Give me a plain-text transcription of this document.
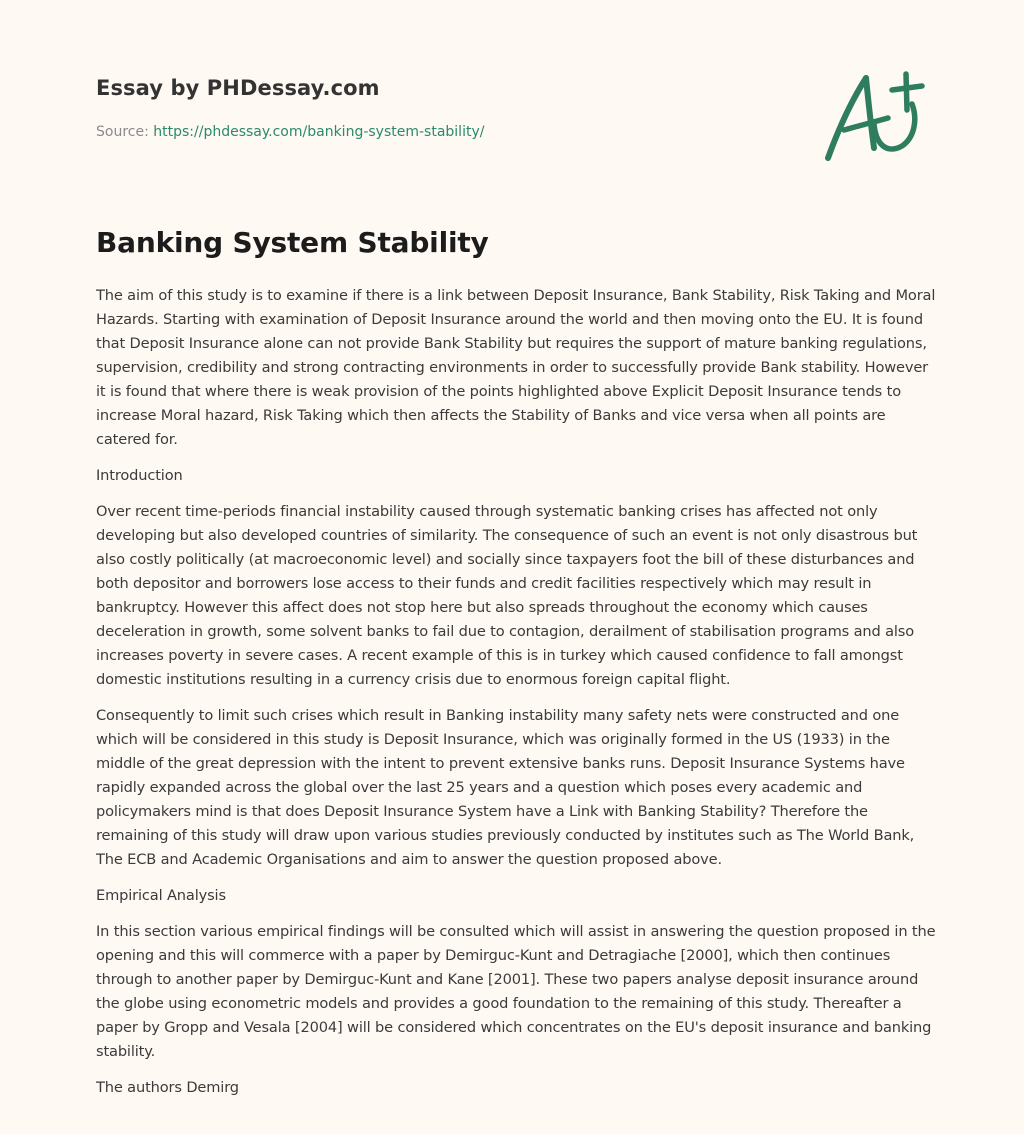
Essay by PHDessay.com
Source: https://phdessay.com/banking-system-stability/
Banking System Stability

The aim of this study is to examine if there is a link between Deposit Insurance, Bank Stability, Risk Taking and Moral Hazards. Starting with examination of Deposit Insurance around the world and then moving onto the EU. It is found that Deposit Insurance alone can not provide Bank Stability but requires the support of mature banking regulations, supervision, credibility and strong contracting environments in order to successfully provide Bank stability. However it is found that where there is weak provision of the points highlighted above Explicit Deposit Insurance tends to increase Moral hazard, Risk Taking which then affects the Stability of Banks and vice versa when all points are catered for.

Introduction

Over recent time-periods financial instability caused through systematic banking crises has affected not only developing but also developed countries of similarity. The consequence of such an event is not only disastrous but also costly politically (at macroeconomic level) and socially since taxpayers foot the bill of these disturbances and both depositor and borrowers lose access to their funds and credit facilities respectively which may result in bankruptcy. However this affect does not stop here but also spreads throughout the economy which causes deceleration in growth, some solvent banks to fail due to contagion, derailment of stabilisation programs and also increases poverty in severe cases. A recent example of this is in turkey which caused confidence to fall amongst domestic institutions resulting in a currency crisis due to enormous foreign capital flight.

Consequently to limit such crises which result in Banking instability many safety nets were constructed and one which will be considered in this study is Deposit Insurance, which was originally formed in the US (1933) in the middle of the great depression with the intent to prevent extensive banks runs. Deposit Insurance Systems have rapidly expanded across the global over the last 25 years and a question which poses every academic and policymakers mind is that does Deposit Insurance System have a Link with Banking Stability? Therefore the remaining of this study will draw upon various studies previously conducted by institutes such as The World Bank, The ECB and Academic Organisations and aim to answer the question proposed above.

Empirical Analysis

In this section various empirical findings will be consulted which will assist in answering the question proposed in the opening and this will commerce with a paper by Demirguc-Kunt and Detragiache [2000], which then continues through to another paper by Demirguc-Kunt and Kane [2001]. These two papers analyse deposit insurance around the globe using econometric models and provides a good foundation to the remaining of this study. Thereafter a paper by Gropp and Vesala [2004] will be considered which concentrates on the EU's deposit insurance and banking stability.

The authors Demirg
